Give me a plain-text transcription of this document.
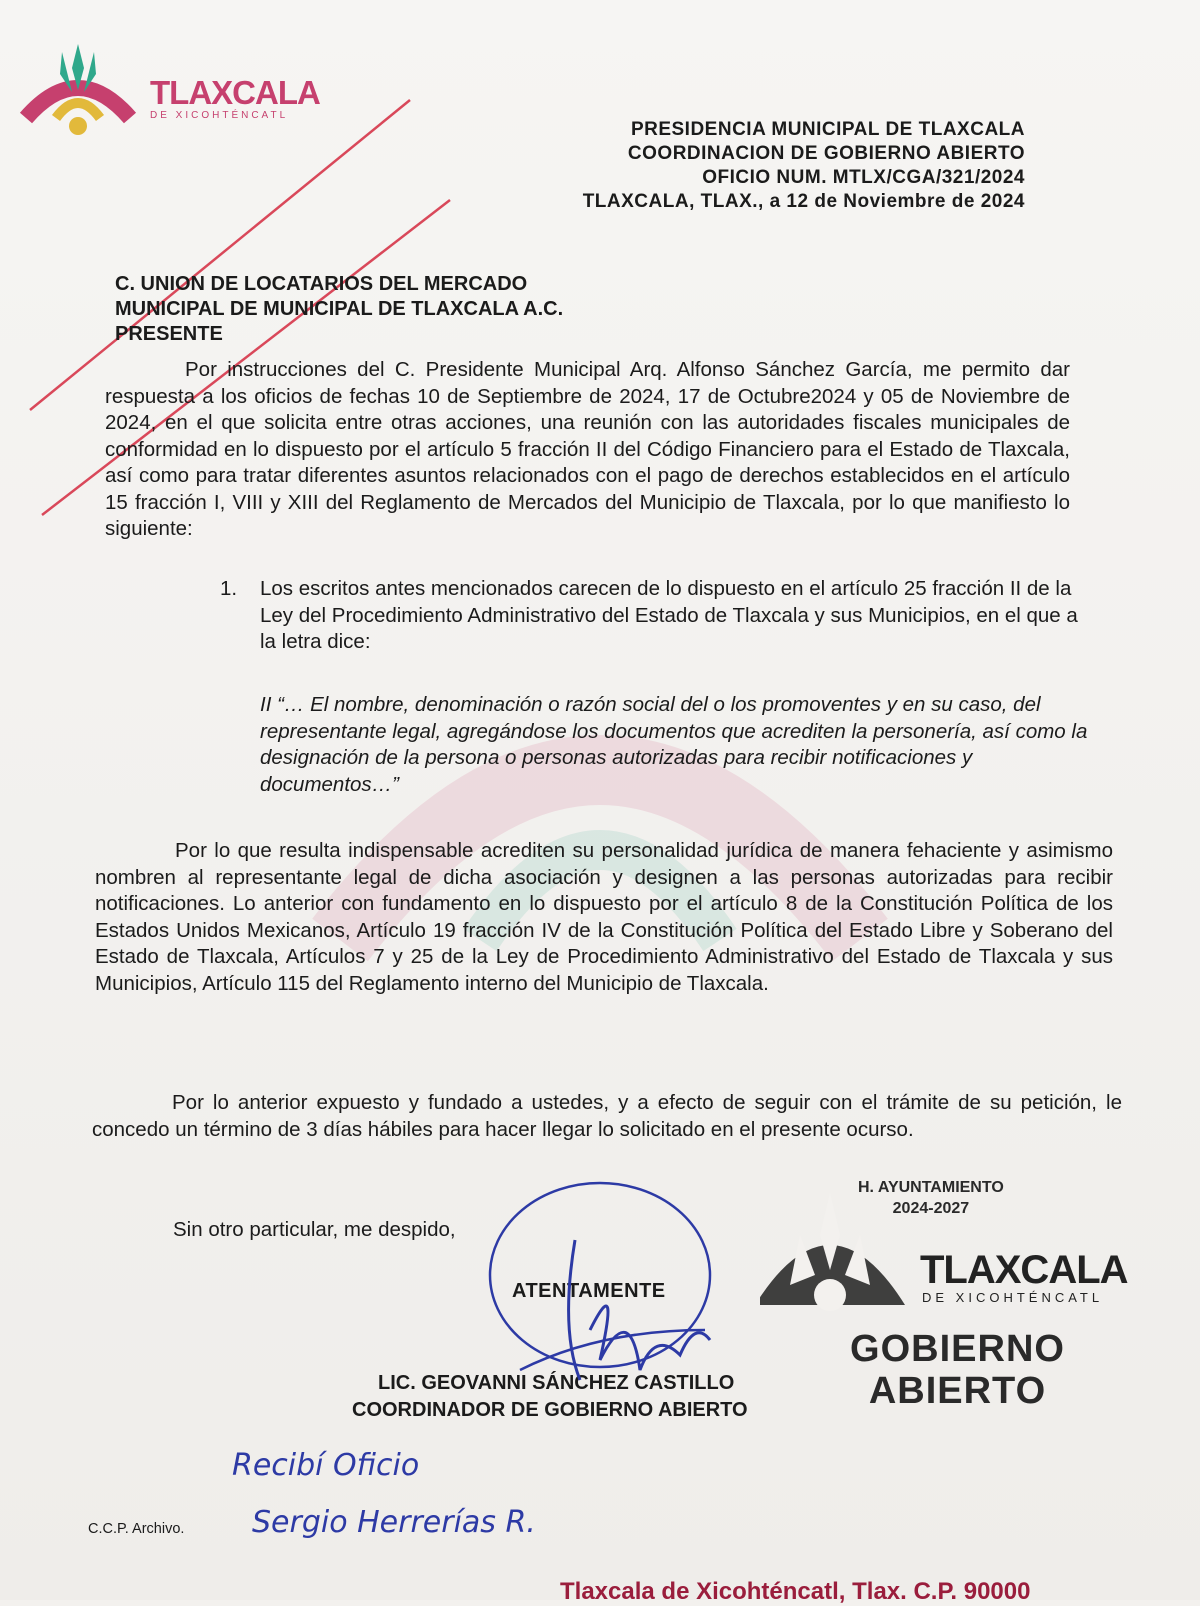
TLAXCALA
DE XICOHTÉNCATL
PRESIDENCIA MUNICIPAL DE TLAXCALA
COORDINACION DE GOBIERNO ABIERTO
OFICIO NUM. MTLX/CGA/321/2024
TLAXCALA, TLAX., a 12 de Noviembre de 2024
C. UNION DE LOCATARIOS DEL MERCADO
MUNICIPAL DE MUNICIPAL DE TLAXCALA A.C.
PRESENTE
Por instrucciones del C. Presidente Municipal Arq. Alfonso Sánchez García, me permito dar respuesta a los oficios de fechas 10 de Septiembre de 2024, 17 de Octubre2024 y 05 de Noviembre de 2024, en el que solicita entre otras acciones, una reunión con las autoridades fiscales municipales de conformidad en lo dispuesto por el artículo 5 fracción II del Código Financiero para el Estado de Tlaxcala, así como para tratar diferentes asuntos relacionados con el pago de derechos establecidos en el artículo 15 fracción I, VIII y XIII del Reglamento de Mercados del Municipio de Tlaxcala, por lo que manifiesto lo siguiente:
1. Los escritos antes mencionados carecen de lo dispuesto en el artículo 25 fracción II de la Ley del Procedimiento Administrativo del Estado de Tlaxcala y sus Municipios, en el que a la letra dice:
II “… El nombre, denominación o razón social del o los promoventes y en su caso, del representante legal, agregándose los documentos que acrediten la personería, así como la designación de la persona o personas autorizadas para recibir notificaciones y documentos…”
Por lo que resulta indispensable acrediten su personalidad jurídica de manera fehaciente y asimismo nombren al representante legal de dicha asociación y designen a las personas autorizadas para recibir notificaciones. Lo anterior con fundamento en lo dispuesto por el artículo 8 de la Constitución Política de los Estados Unidos Mexicanos, Artículo 19 fracción IV de la Constitución Política del Estado Libre y Soberano del Estado de Tlaxcala, Artículos 7 y 25 de la Ley de Procedimiento Administrativo del Estado de Tlaxcala y sus Municipios, Artículo 115 del Reglamento interno del Municipio de Tlaxcala.
Por lo anterior expuesto y fundado a ustedes, y a efecto de seguir con el trámite de su petición, le concedo un término de 3 días hábiles para hacer llegar lo solicitado en el presente ocurso.
Sin otro particular, me despido,
H. AYUNTAMIENTO
2024-2027
TLAXCALA
DE XICOHTÉNCATL
GOBIERNO
ABIERTO
ATENTAMENTE
LIC. GEOVANNI SÁNCHEZ CASTILLO
COORDINADOR DE GOBIERNO ABIERTO
Recibí Oficio
Sergio Herrerías R.
C.C.P. Archivo.
Tlaxcala de Xicohténcatl, Tlax. C.P. 90000
